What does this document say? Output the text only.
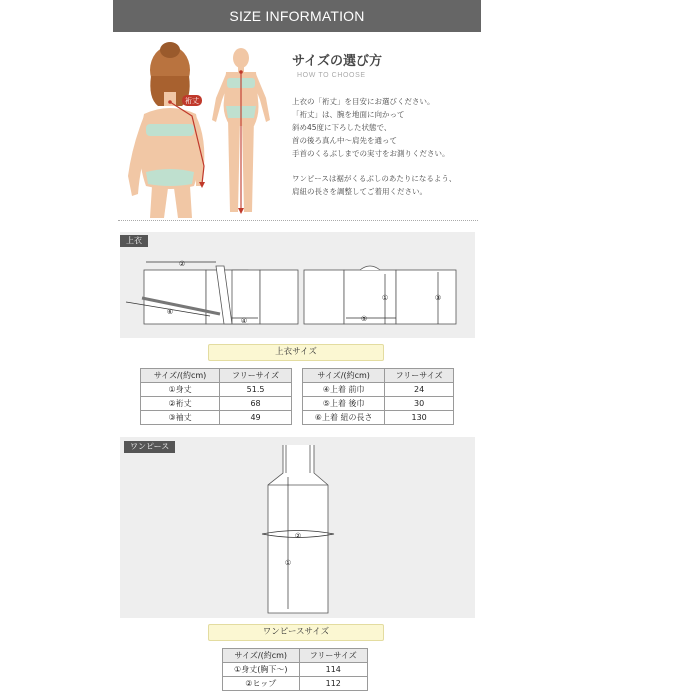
SIZE INFORMATION
裄丈
サイズの選び方
HOW TO CHOOSE
上衣の「裄丈」を目安にお選びください。
「裄丈」は、腕を地面に向かって
斜め45度に下ろした状態で、
首の後ろ真ん中〜肩先を通って
手首のくるぶしまでの実寸をお測りください。
ワンピースは裾がくるぶしのあたりになるよう、
肩紐の長さを調整してご着用ください。
上衣
②
⑥
④
①	③
⑤
上衣サイズ
サイズ/(約cm)	フリーサイズ
①身丈	51.5
②裄丈	68
③袖丈	49
サイズ/(約cm)	フリーサイズ
④上着 前巾	24
⑤上着 後巾	30
⑥上着 紐の長さ	130
ワンピース
②
①
ワンピースサイズ
サイズ/(約cm)	フリーサイズ
①身丈(胸下〜)	114
②ヒップ	112
